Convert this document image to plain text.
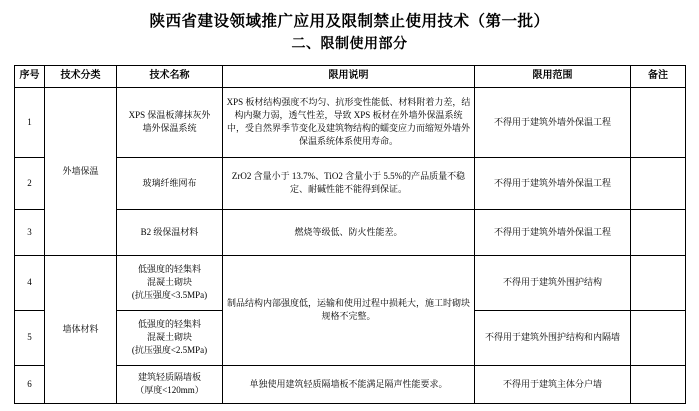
陕西省建设领域推广应用及限制禁止使用技术（第一批）
二、限制使用部分
序号	技术分类	技术名称	限用说明	限用范围	备注
1	外墙保温	XPS 保温板薄抹灰外
墙外保温系统	XPS 板材结构强度不均匀、抗形变性能低、材料附着力差，结构内聚力弱，透气性差，导致 XPS 板材在外墙外保温系统中，受自然界季节变化及建筑物结构的蠕变应力而缩短外墙外保温系统体系使用寿命。	不得用于建筑外墙外保温工程	
2		玻璃纤维网布	ZrO2 含量小于 13.7%、TiO2 含量小于 5.5%的产品质量不稳定、耐碱性能不能得到保证。	不得用于建筑外墙外保温工程	
3		B2 级保温材料	燃烧等级低、防火性能差。	不得用于建筑外墙外保温工程	
4	墙体材料	低强度的轻集料
混凝土砌块
(抗压强度<3.5MPa)	制品结构内部强度低，运输和使用过程中损耗大，施工时砌块规格不完整。	不得用于建筑外围护结构	
5		低强度的轻集料
混凝土砌块
(抗压强度<2.5MPa)		不得用于建筑外围护结构和内隔墙	
6		建筑轻质隔墙板
（厚度<120mm）	单独使用建筑轻质隔墙板不能满足隔声性能要求。	不得用于建筑主体分户墙	
